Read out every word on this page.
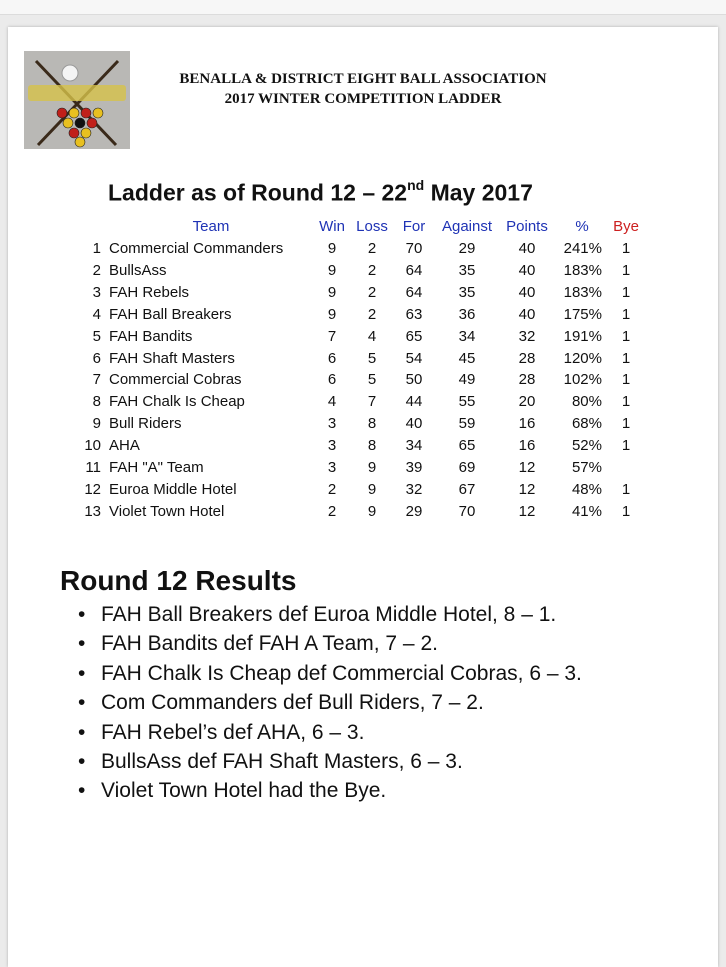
BENALLA & DISTRICT EIGHT BALL ASSOCIATION
2017 WINTER COMPETITION LADDER
Ladder as of Round 12 – 22nd May 2017
Team	Win Loss For	Against Points	%	Bye
1 Commercial Commanders	9	2	70	29	40	241%	1
2 BullsAss	9	2	64	35	40	183%	1
3 FAH Rebels	9	2	64	35	40	183%	1
4 FAH Ball Breakers	9	2	63	36	40	175%	1
5 FAH Bandits	7	4	65	34	32	191%	1
6 FAH Shaft Masters	6	5	54	45	28	120%	1
7 Commercial Cobras	6	5	50	49	28	102%	1
8 FAH Chalk Is Cheap	4	7	44	55	20	80%	1
9 Bull Riders	3	8	40	59	16	68%	1
10 AHA	3	8	34	65	16	52%	1
11 FAH "A" Team	3	9	39	69	12	57%
12 Euroa Middle Hotel	2	9	32	67	12	48%	1
13 Violet Town Hotel	2	9	29	70	12	41%	1
Round 12 Results
• FAH Ball Breakers def Euroa Middle Hotel, 8 – 1.
• FAH Bandits def FAH A Team, 7 – 2.
• FAH Chalk Is Cheap def Commercial Cobras, 6 – 3.
• Com Commanders def Bull Riders, 7 – 2.
• FAH Rebel’s def AHA, 6 – 3.
• BullsAss def FAH Shaft Masters, 6 – 3.
• Violet Town Hotel had the Bye.
